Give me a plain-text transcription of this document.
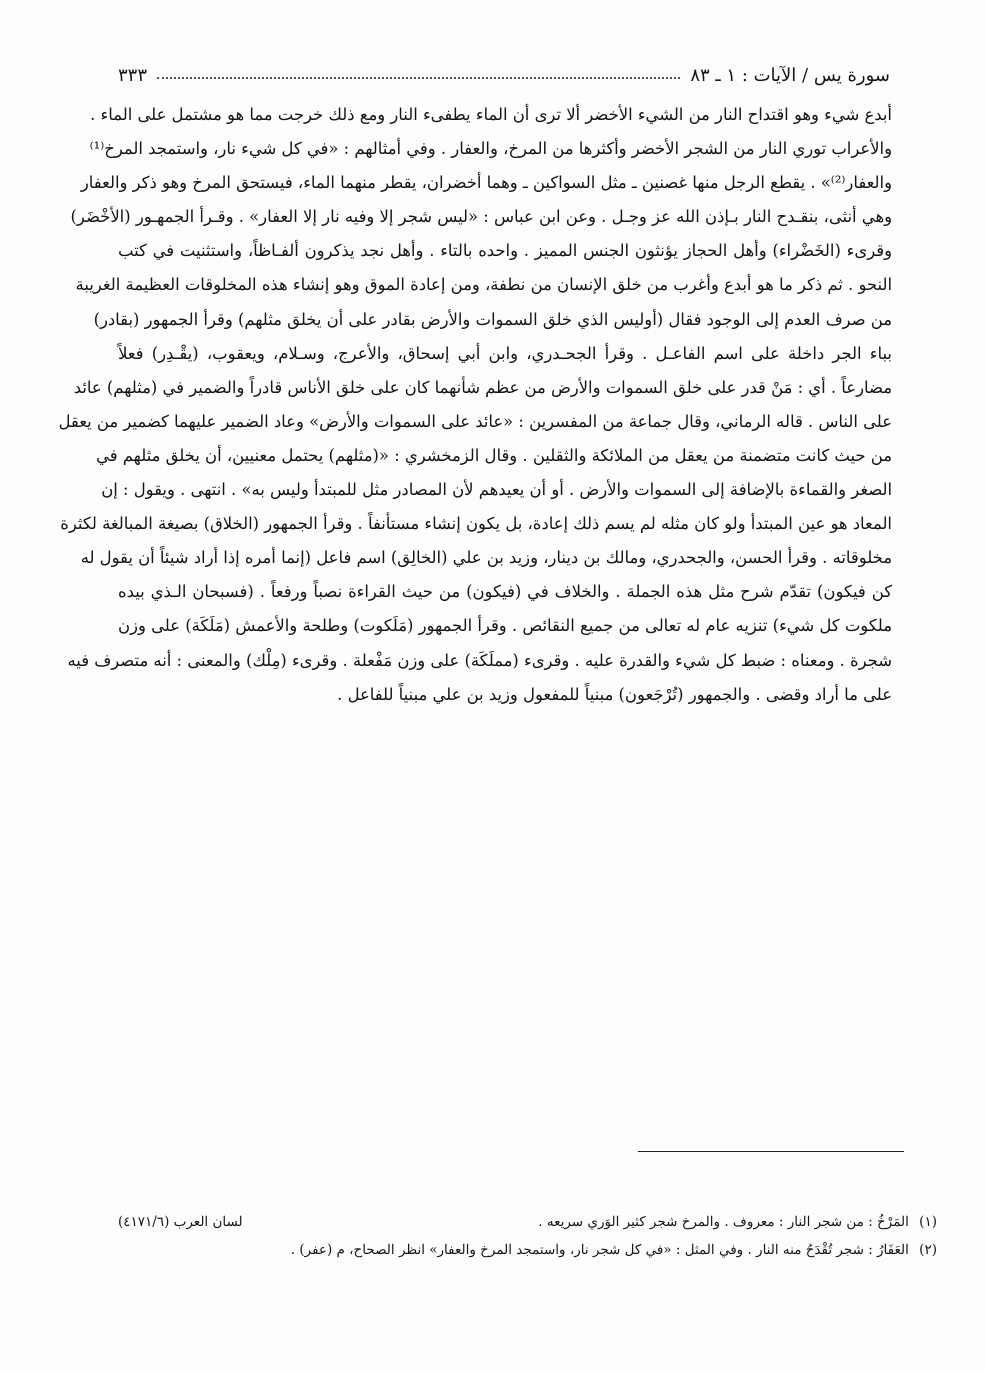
سورة يس / الآيات : ١ ـ ٨٣
٣٣٣
أبدع شيء وهو اقتداح النار من الشيء الأخضر ألا ترى أن الماء يطفىء النار ومع ذلك خرجت مما هو مشتمل على الماء .
والأعراب توري النار من الشجر الأخضر وأكثرها من المرخ، والعفار . وفي أمثالهم : «في كل شيء نار، واستمجد المرخ⁽¹⁾
والعفار⁽²⁾» . يقطع الرجل منها غصنين ـ مثل السواكين ـ وهما أخضران، يقطر منهما الماء، فيستحق المرخ وهو ذكر والعفار
وهي أنثى، بنقـدح النار بـإذن الله عز وجـل . وعن ابن عباس : «ليس شجر إلا وفيه نار إلا العفار» . وقـرأ الجمهـور (الأخْضَر)
وقرىء (الخَضْراء) وأهل الحجاز يؤنثون الجنس المميز . واحده بالتاء . وأهل نجد يذكرون ألفـاظاً، واستثنيت في كتب
النحو . ثم ذكر ما هو أبدع وأغرب من خلق الإنسان من نطفة، ومن إعادة الموق وهو إنشاء هذه المخلوقات العظيمة الغريبة
من صرف العدم إلى الوجود فقال (أوليس الذي خلق السموات والأرض بقادر على أن يخلق مثلهم) وقرأ الجمهور (بقادر)
بباء الجر داخلة على اسم الفاعـل . وقرأ الجحـدري، وابن أبي إسحاق، والأعرج، وسـلام، ويعقوب، (يقْـدِر) فعلاً
مضارعاً . أي : مَنْ قدر على خلق السموات والأرض من عظم شأنهما كان على خلق الأناس قادراً والضمير في (مثلهم) عائد
على الناس . قاله الرماني، وقال جماعة من المفسرين : «عائد على السموات والأرض» وعاد الضمير عليهما كضمير من يعقل
من حيث كانت متضمنة من يعقل من الملائكة والثقلين . وقال الزمخشري : «(مثلهم) يحتمل معنيين، أن يخلق مثلهم في
الصغر والقماءة بالإضافة إلى السموات والأرض . أو أن يعيدهم لأن المصادر مثل للمبتدأ وليس به» . انتهى . ويقول : إن
المعاد هو عين المبتدأ ولو كان مثله لم يسم ذلك إعادة، بل يكون إنشاء مستأنفاً . وقرأ الجمهور (الخلاق) بصيغة المبالغة لكثرة
مخلوقاته . وقرأ الحسن، والجحدري، ومالك بن دينار، وزيد بن علي (الخالِق) اسم فاعل (إنما أمره إذا أراد شيئاً أن يقول له
كن فيكون) تقدّم شرح مثل هذه الجملة . والخلاف في (فيكون) من حيث القراءة نصباً ورفعاً . (فسبحان الـذي بيده
ملكوت كل شيء) تنزيه عام له تعالى من جميع النقائص . وقرأ الجمهور (مَلَكوت) وطلحة والأعمش (مَلَكَة) على وزن
شجرة . ومعناه : ضبط كل شيء والقدرة عليه . وقرىء (مملَكَة) على وزن مَفْعلة . وقرىء (مِلْك) والمعنى : أنه متصرف فيه
على ما أراد وقضى . والجمهور (تُرْجَعون) مبنياً للمفعول وزيد بن علي مبنياً للفاعل .
(١) المَرْخُ : من شجر النار : معروف . والمرخ شجر كثير الوَري سريعه .
لسان العرب (٤١٧١/٦)
(٢) العَفَارُ : شجر تُقْدَحُ منه النار . وفي المثل : «في كل شجر نار، واستمجد المرخ والعفار» انظر الصحاح، م (عفر) .
